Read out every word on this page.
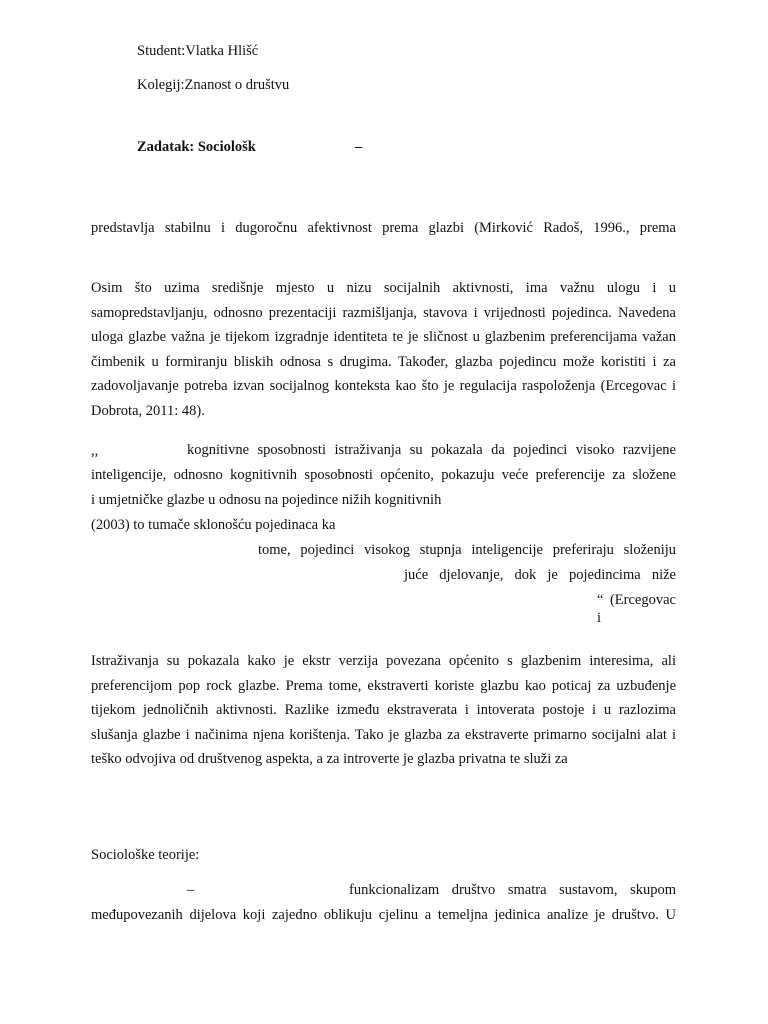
Student:Vlatka Hlišć
Kolegij:Znanost o društvu
Zadatak: Sociološk	–
predstavlja stabilnu i dugoročnu afektivnost prema glazbi (Mirković Radoš, 1996., prema
Osim što uzima središnje mjesto u nizu socijalnih aktivnosti, ima važnu ulogu i u samopredstavljanju, odnosno prezentaciji razmišljanja, stavova i vrijednosti pojedinca. Navedena uloga glazbe važna je tijekom izgradnje identiteta te je sličnost u glazbenim preferencijama važan čimbenik u formiranju bliskih odnosa s drugima. Također, glazba pojedincu može koristiti i za zadovoljavanje potreba izvan socijalnog konteksta kao što je regulacija raspoloženja (Ercegovac i Dobrota, 2011: 48).
,,	kognitivne sposobnosti istraživanja su pokazala da pojedinci visoko razvijene
inteligencije, odnosno kognitivnih sposobnosti općenito, pokazuju veće preferencije za složene
i umjetničke glazbe u odnosu na pojedince nižih kognitivnih
(2003) to tumače sklonošću pojedinaca ka
tome, pojedinci visokog stupnja inteligencije preferiraju složeniju
juće djelovanje, dok je pojedincima niže
“ (Ercegovac i
Istraživanja su pokazala kako je ekstr verzija povezana općenito s glazbenim interesima, ali preferencijom pop rock glazbe. Prema tome, ekstraverti koriste glazbu kao poticaj za uzbuđenje tijekom jednoličnih aktivnosti. Razlike između ekstraverata i intoverata postoje i u razlozima slušanja glazbe i načinima njena korištenja. Tako je glazba za ekstraverte primarno socijalni alat i teško odvojiva od društvenog aspekta, a za introverte je glazba privatna te služi za
Sociološke teorije:
–	funkcionalizam društvo smatra sustavom, skupom
međupovezanih dijelova koji zajedno oblikuju cjelinu a temeljna jedinica analize je društvo. U
